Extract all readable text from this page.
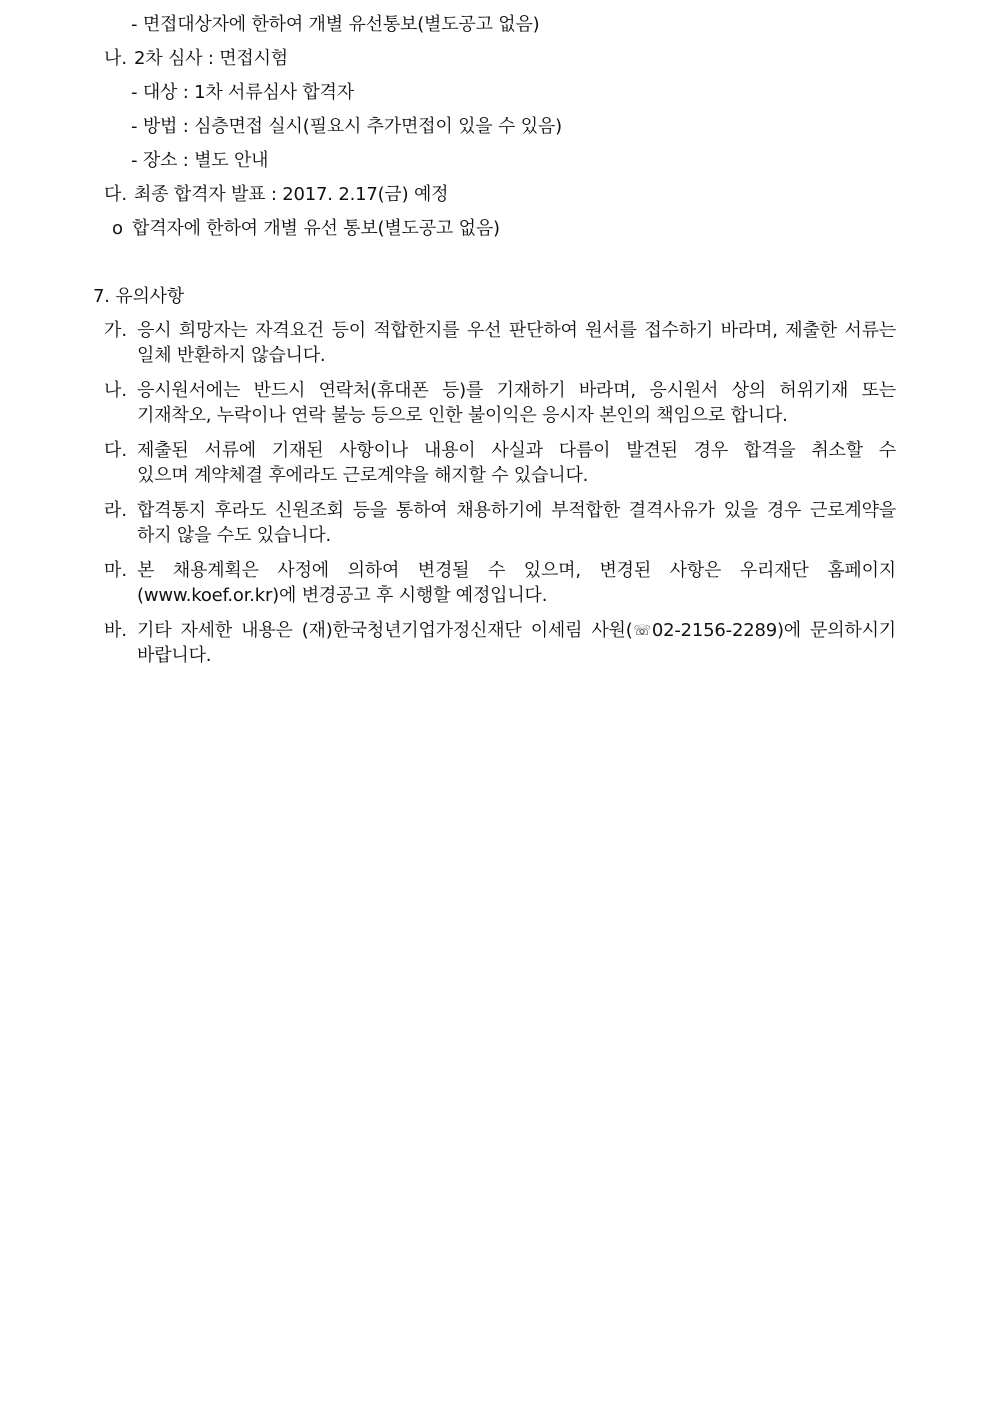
- 면접대상자에 한하여 개별 유선통보(별도공고 없음)
나. 2차 심사 : 면접시험
- 대상 : 1차 서류심사 합격자
- 방법 : 심층면접 실시(필요시 추가면접이 있을 수 있음)
- 장소 : 별도 안내
다. 최종 합격자 발표 : 2017. 2.17(금) 예정
o 합격자에 한하여 개별 유선 통보(별도공고 없음)
7. 유의사항
가. 응시 희망자는 자격요건 등이 적합한지를 우선 판단하여 원서를 접수하기 바라며, 제출한 서류는
일체 반환하지 않습니다.
나. 응시원서에는 반드시 연락처(휴대폰 등)를 기재하기 바라며, 응시원서 상의 허위기재 또는
기재착오, 누락이나 연락 불능 등으로 인한 불이익은 응시자 본인의 책임으로 합니다.
다. 제출된 서류에 기재된 사항이나 내용이 사실과 다름이 발견된 경우 합격을 취소할 수
있으며 계약체결 후에라도 근로계약을 해지할 수 있습니다.
라. 합격통지 후라도 신원조회 등을 통하여 채용하기에 부적합한 결격사유가 있을 경우 근로계약을
하지 않을 수도 있습니다.
마. 본 채용계획은 사정에 의하여 변경될 수 있으며, 변경된 사항은 우리재단 홈페이지
(www.koef.or.kr)에 변경공고 후 시행할 예정입니다.
바. 기타 자세한 내용은 (재)한국청년기업가정신재단 이세림 사원(☏02-2156-2289)에 문의하시기
바랍니다.
